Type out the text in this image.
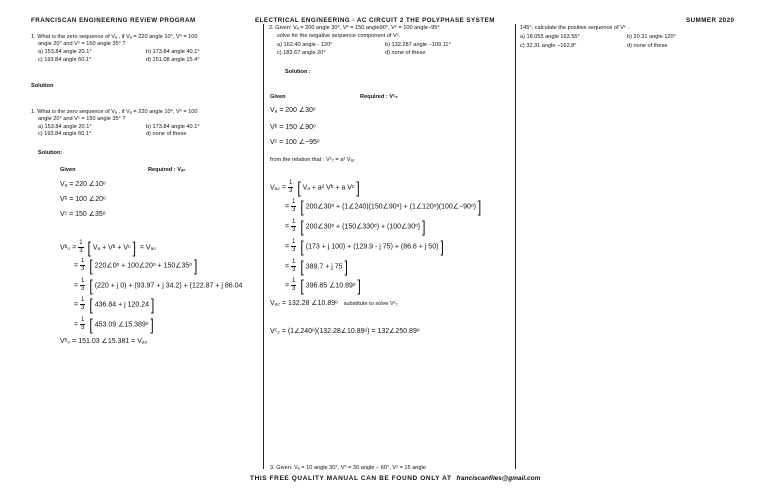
FRANCISCAN ENGINEERING REVIEW PROGRAM	ELECTRICAL ENGINEERING - AC CIRCUIT 2 THE POLYPHASE SYSTEM	SUMMER 2020
1. What is the zero sequence of Vₐ , if Vₐ = 220 angle 10°, Vᵇ = 100
angle 20° and Vᶜ = 150 angle 35° ?
a) 153.84 angle 20.1°	b) 173.84 angle 40.1°
c) 193.84 angle 60.1°	d) 151.08 angle 15.4°
Solution
1. What is the zero sequence of Vₐ , if Vₐ = 220 angle 10°, Vᵇ = 100
angle 20° and Vᶜ = 150 angle 35° ?
a) 153.84 angle 20.1°	b) 173.84 angle 40.1°
c) 193.84 angle 60.1°	d) none of these
Solution:
Given	Required : Vₐ₀
Vₐ = 220 ∠10ᵒ
Vᵇ = 100 ∠20ᵒ
Vᶜ = 150 ∠35ᵒ
Vᵇ₀ = $\frac{1}{3}$ [ Vₐ + Vᵇ + Vᶜ ] = Vₐ₀
= $\frac{1}{3}$ [ 220∠0ᵒ + 100∠20ᵒ + 150∠35ᵒ ]
= $\frac{1}{3}$ [ (220 + j 0) + (93.97 + j 34.2) + (122.87 + j 86.04
= $\frac{1}{3}$ [ 436.84 + j 120.24 ]
= $\frac{1}{3}$ [ 453.09 ∠15.389ᵒ ]
Vᵇ₀ = 151.03 ∠15.381 = Vₐ₀
2. Given: Vₐ = 200 angle 30°, Vᵇ = 150 angle90°, Vᶜ = 100 angle−95°
solve for the negative sequence component of Vᶜ.
a) 162.40 angle - 120°	b) 132.287 angle −109.11°
c) 183.67 angle 20°	d) none of these
Solution :
Given	Required : Vᶜ₂
Vₐ = 200 ∠30ᵒ
Vᵇ = 150 ∠90ᵒ
Vᶜ = 100 ∠−95ᵒ
from the relation that : Vᶜ₂ = a² Vₐ₂
$V_{a2} = \frac{1}{3}$ [ Vₐ + a² Vᵇ + a Vᶜ ]
= $\frac{1}{3}$ [ 200∠30ᵒ + (1∠240)(150∠90ᵒ) + (1∠120ᵒ)(100∠−90ᵒ) ]
= $\frac{1}{3}$ [ 200∠30ᵒ + (150∠330ᵒ) + (100∠30ᵒ) ]
= $\frac{1}{3}$ [ (173 + j 100) + (129.9 - j 75) + (86.6 + j 50) ]
= $\frac{1}{3}$ [ 389.7 + j 75 ]
= $\frac{1}{3}$ [ 396.85 ∠10.89ᵒ ]
Vₐ₂ = 132.28 ∠10.89ᵒ substitute to solve Vᶜ₂
Vᶜ₂ = (1∠240ᵒ)(132.28∠10.89ᵒ) = 132∠250.89ᵒ
3. Given: Vₐ = 10 angle 30°, Vᵇ = 30 angle − 60°, Vᶜ = 15 angle
145°, calculate the positive sequence of Vᶜ .
a) 18.055 angle 163.55°	b) 20.31 angle 120°
c) 32.31 angle −162.8°	d) none of these
THIS FREE QUALITY MANUAL CAN BE FOUND ONLY AT franciscanfiles@gmail.com
